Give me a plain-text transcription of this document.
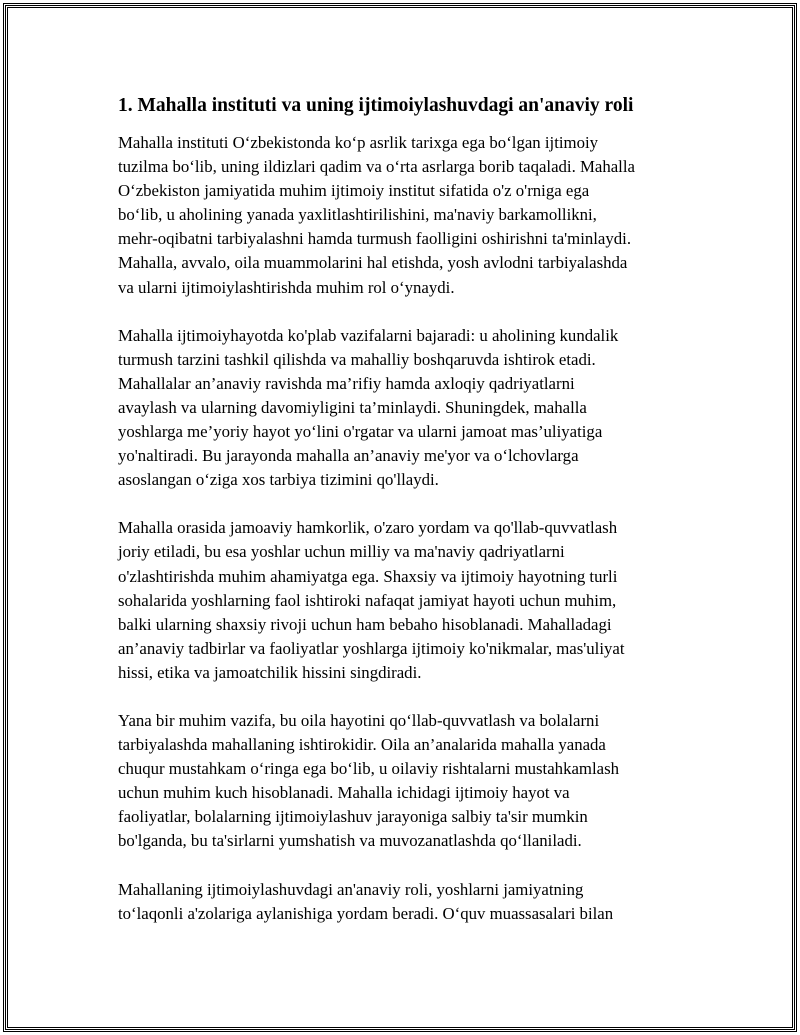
1. Mahalla instituti va uning ijtimoiylashuvdagi an'anaviy roli
Mahalla instituti O‘zbekistonda ko‘p asrlik tarixga ega bo‘lgan ijtimoiy
tuzilma bo‘lib, uning ildizlari qadim va o‘rta asrlarga borib taqaladi. Mahalla
O‘zbekiston jamiyatida muhim ijtimoiy institut sifatida o'z o'rniga ega
bo‘lib, u aholining yanada yaxlitlashtirilishini, ma'naviy barkamollikni,
mehr-oqibatni tarbiyalashni hamda turmush faolligini oshirishni ta'minlaydi.
Mahalla, avvalo, oila muammolarini hal etishda, yosh avlodni tarbiyalashda
va ularni ijtimoiylashtirishda muhim rol o‘ynaydi.
Mahalla ijtimoiyhayotda ko'plab vazifalarni bajaradi: u aholining kundalik
turmush tarzini tashkil qilishda va mahalliy boshqaruvda ishtirok etadi.
Mahallalar an’anaviy ravishda ma’rifiy hamda axloqiy qadriyatlarni
avaylash va ularning davomiyligini ta’minlaydi. Shuningdek, mahalla
yoshlarga me’yoriy hayot yo‘lini o'rgatar va ularni jamoat mas’uliyatiga
yo'naltiradi. Bu jarayonda mahalla an’anaviy me'yor va o‘lchovlarga
asoslangan o‘ziga xos tarbiya tizimini qo'llaydi.
Mahalla orasida jamoaviy hamkorlik, o'zaro yordam va qo'llab-quvvatlash
joriy etiladi, bu esa yoshlar uchun milliy va ma'naviy qadriyatlarni
o'zlashtirishda muhim ahamiyatga ega. Shaxsiy va ijtimoiy hayotning turli
sohalarida yoshlarning faol ishtiroki nafaqat jamiyat hayoti uchun muhim,
balki ularning shaxsiy rivoji uchun ham bebaho hisoblanadi. Mahalladagi
an’anaviy tadbirlar va faoliyatlar yoshlarga ijtimoiy ko'nikmalar, mas'uliyat
hissi, etika va jamoatchilik hissini singdiradi.
Yana bir muhim vazifa, bu oila hayotini qo‘llab-quvvatlash va bolalarni
tarbiyalashda mahallaning ishtirokidir. Oila an’analarida mahalla yanada
chuqur mustahkam o‘ringa ega bo‘lib, u oilaviy rishtalarni mustahkamlash
uchun muhim kuch hisoblanadi. Mahalla ichidagi ijtimoiy hayot va
faoliyatlar, bolalarning ijtimoiylashuv jarayoniga salbiy ta'sir mumkin
bo'lganda, bu ta'sirlarni yumshatish va muvozanatlashda qo‘llaniladi.
Mahallaning ijtimoiylashuvdagi an'anaviy roli, yoshlarni jamiyatning
to‘laqonli a'zolariga aylanishiga yordam beradi. O‘quv muassasalari bilan
